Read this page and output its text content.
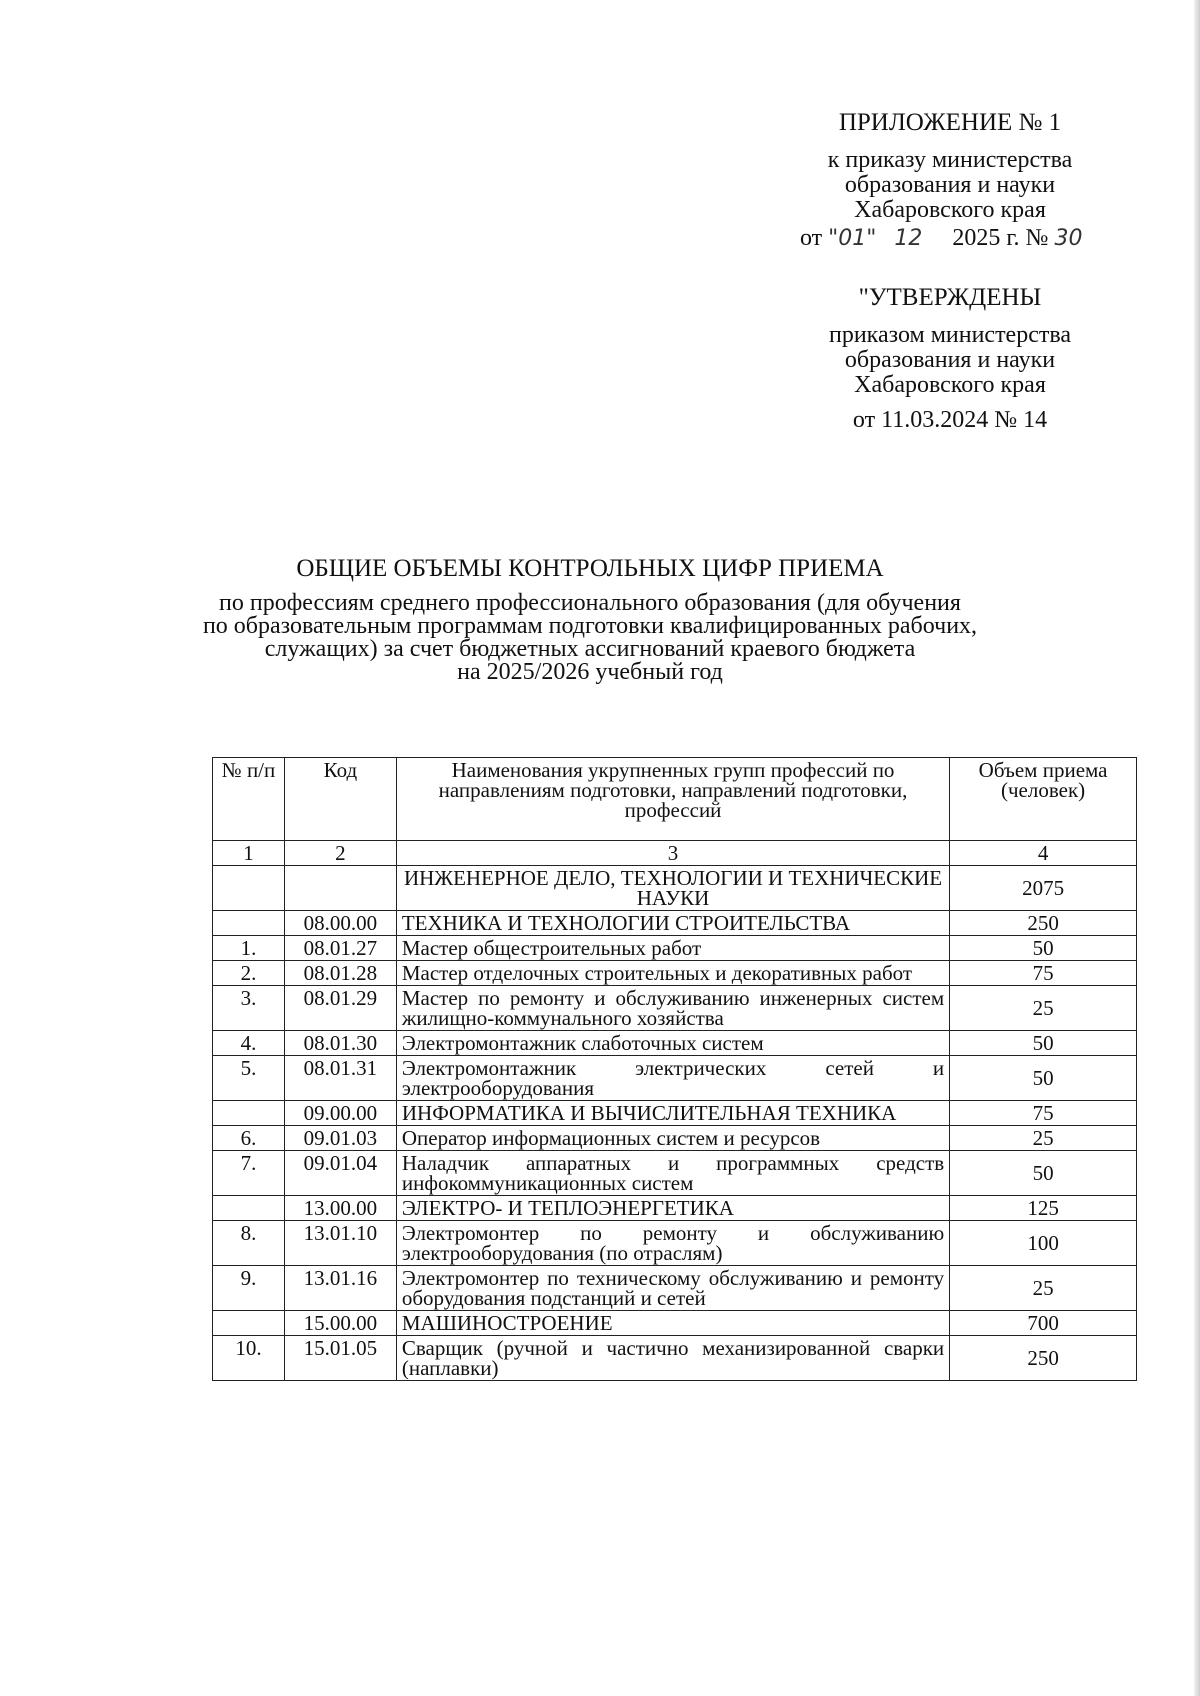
ПРИЛОЖЕНИЕ № 1
к приказу министерства
образования и науки
Хабаровского края
от "01" 12 2025 г. № 30
"УТВЕРЖДЕНЫ
приказом министерства
образования и науки
Хабаровского края
от 11.03.2024 № 14
ОБЩИЕ ОБЪЕМЫ КОНТРОЛЬНЫХ ЦИФР ПРИЕМА
по профессиям среднего профессионального образования (для обучения
по образовательным программам подготовки квалифицированных рабочих,
служащих) за счет бюджетных ассигнований краевого бюджета
на 2025/2026 учебный год
№ п/п	Код	Наименования укрупненных групп профессий по направлениям подготовки, направлений подготовки, профессий	Объем приема (человек)
1	2	3	4
		ИНЖЕНЕРНОЕ ДЕЛО, ТЕХНОЛОГИИ И ТЕХНИЧЕСКИЕ НАУКИ	2075
	08.00.00	ТЕХНИКА И ТЕХНОЛОГИИ СТРОИТЕЛЬСТВА	250
1.	08.01.27	Мастер общестроительных работ	50
2.	08.01.28	Мастер отделочных строительных и декоративных работ	75
3.	08.01.29	Мастер по ремонту и обслуживанию инженерных систем жилищно-коммунального хозяйства	25
4.	08.01.30	Электромонтажник слаботочных систем	50
5.	08.01.31	Электромонтажник электрических сетей и электрооборудования	50
	09.00.00	ИНФОРМАТИКА И ВЫЧИСЛИТЕЛЬНАЯ ТЕХНИКА	75
6.	09.01.03	Оператор информационных систем и ресурсов	25
7.	09.01.04	Наладчик аппаратных и программных средств инфокоммуникационных систем	50
	13.00.00	ЭЛЕКТРО- И ТЕПЛОЭНЕРГЕТИКА	125
8.	13.01.10	Электромонтер по ремонту и обслуживанию электрооборудования (по отраслям)	100
9.	13.01.16	Электромонтер по техническому обслуживанию и ремонту оборудования подстанций и сетей	25
	15.00.00	МАШИНОСТРОЕНИЕ	700
10.	15.01.05	Сварщик (ручной и частично механизированной сварки (наплавки)	250
